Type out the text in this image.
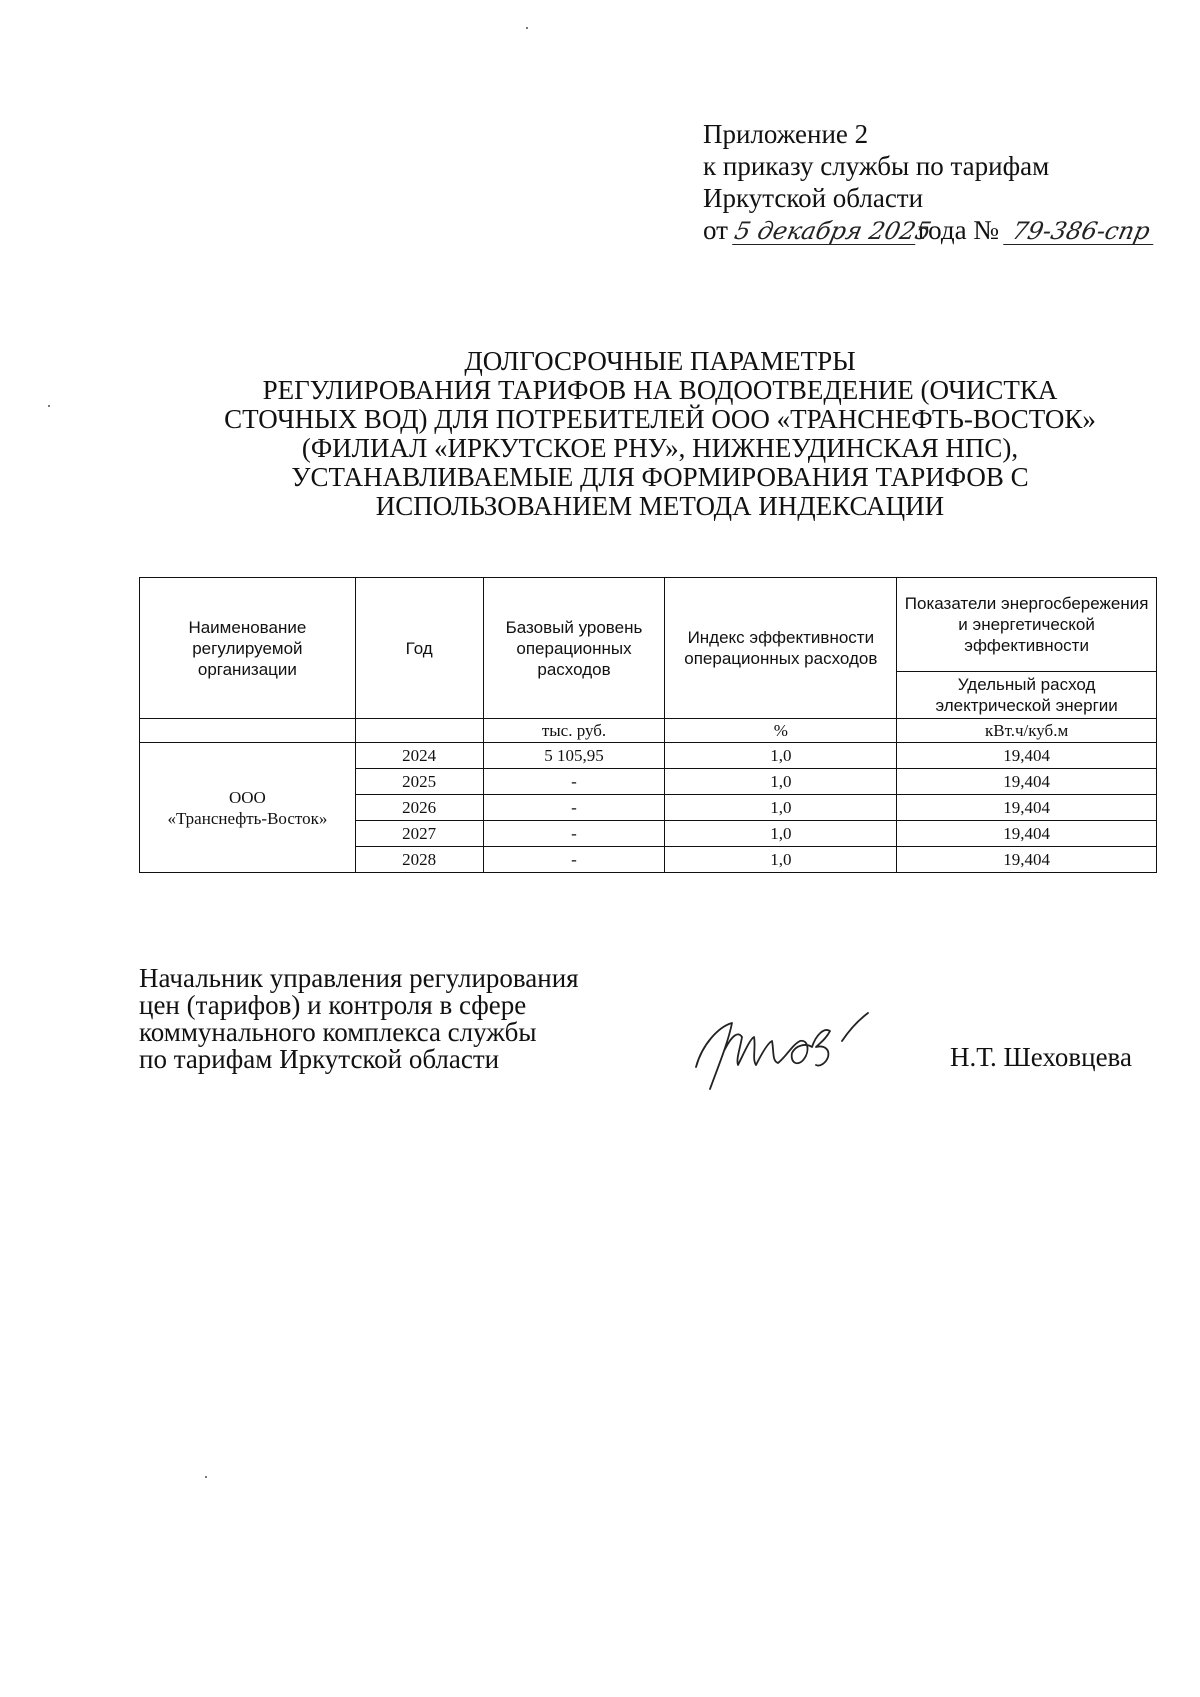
Приложение 2
к приказу службы по тарифам
Иркутской области
от 5 декабря 2025года № 79-386-спр
ДОЛГОСРОЧНЫЕ ПАРАМЕТРЫ
РЕГУЛИРОВАНИЯ ТАРИФОВ НА ВОДООТВЕДЕНИЕ (ОЧИСТКА
СТОЧНЫХ ВОД) ДЛЯ ПОТРЕБИТЕЛЕЙ ООО «ТРАНСНЕФТЬ-ВОСТОК»
(ФИЛИАЛ «ИРКУТСКОЕ РНУ», НИЖНЕУДИНСКАЯ НПС),
УСТАНАВЛИВАЕМЫЕ ДЛЯ ФОРМИРОВАНИЯ ТАРИФОВ С
ИСПОЛЬЗОВАНИЕМ МЕТОДА ИНДЕКСАЦИИ
Наименование регулируемой организации	Год	Базовый уровень операционных расходов	Индекс эффективности операционных расходов	Показатели энергосбережения и энергетической эффективности
				Удельный расход электрической энергии
		тыс. руб.	%	кВт.ч/куб.м

ООО
«Транснефть-Восток»	2024	5 105,95	1,0	19,404
	2025	-	1,0	19,404
	2026	-	1,0	19,404
	2027	-	1,0	19,404
	2028	-	1,0	19,404
Начальник управления регулирования
цен (тарифов) и контроля в сфере
коммунального комплекса службы
по тарифам Иркутской области	Н.Т. Шеховцева
